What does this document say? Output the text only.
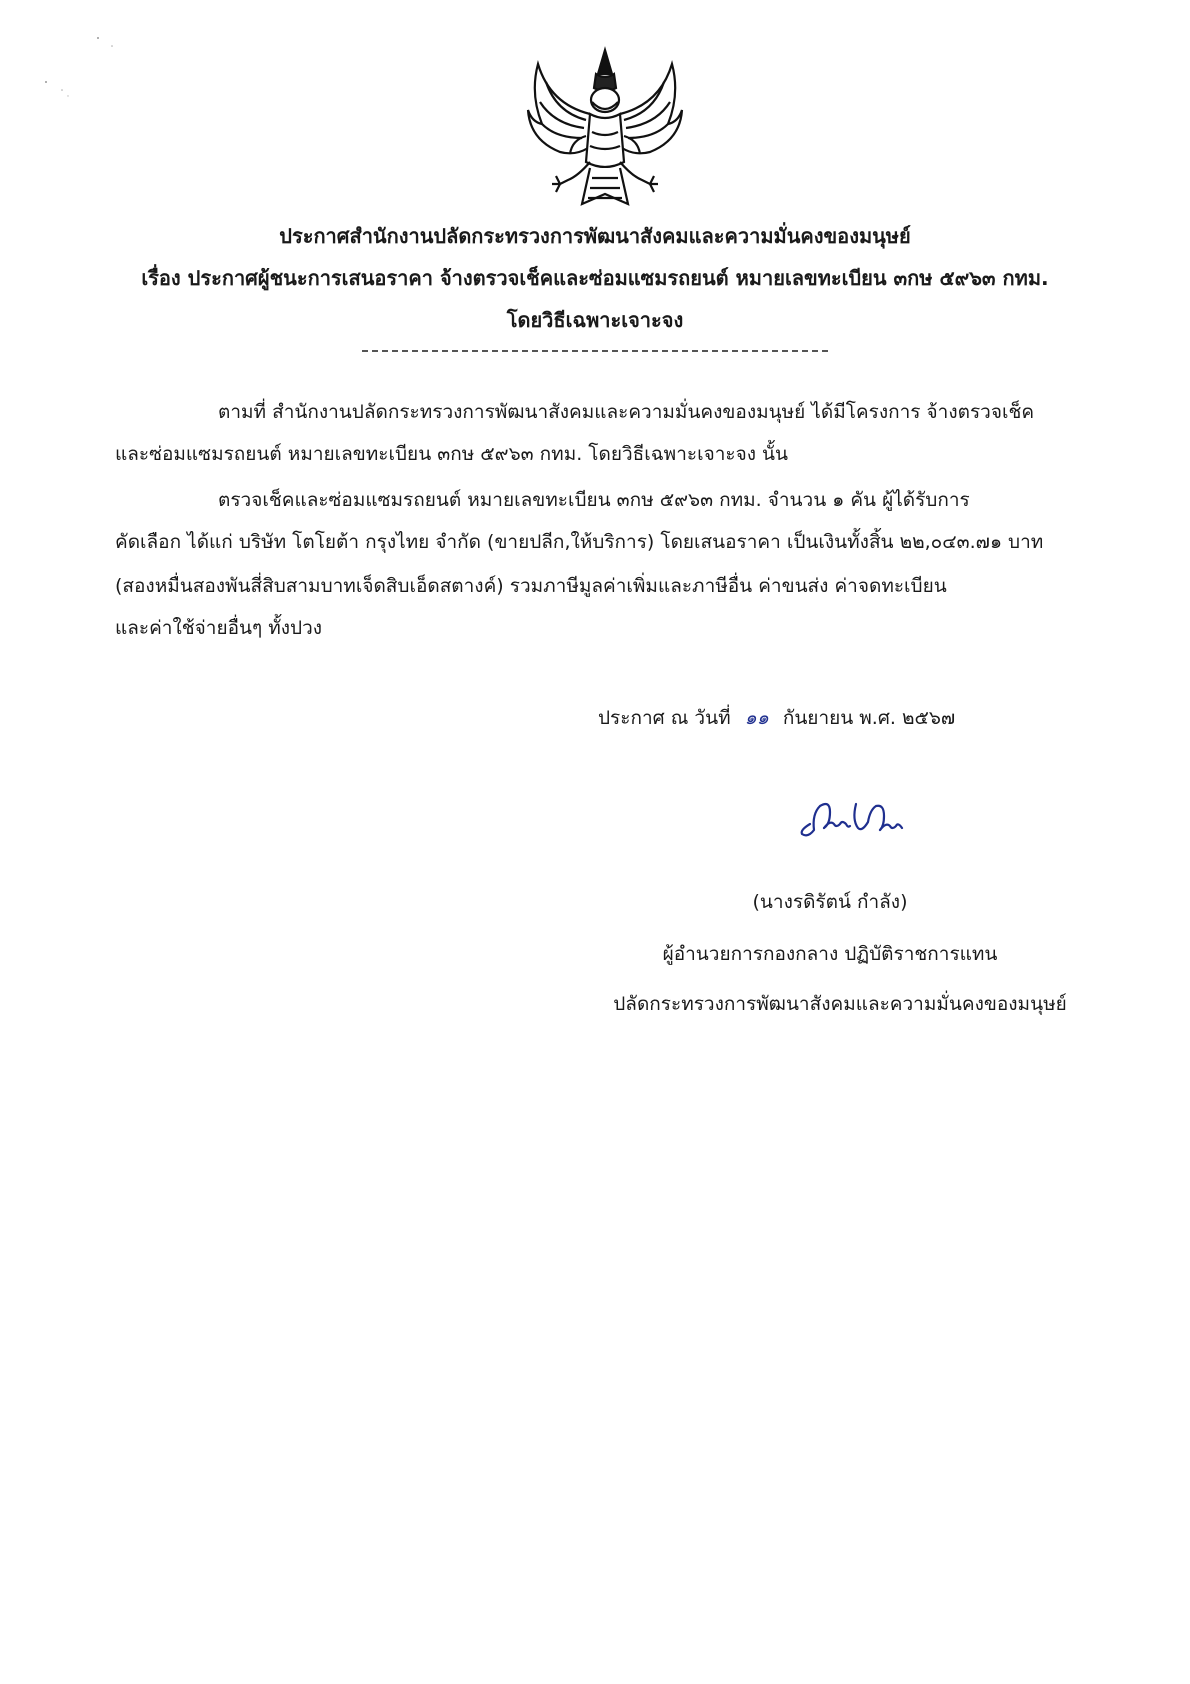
ประกาศสำนักงานปลัดกระทรวงการพัฒนาสังคมและความมั่นคงของมนุษย์
เรื่อง ประกาศผู้ชนะการเสนอราคา จ้างตรวจเช็คและซ่อมแซมรถยนต์ หมายเลขทะเบียน ๓กษ ๕๙๖๓ กทม.
โดยวิธีเฉพาะเจาะจง
ตามที่ สำนักงานปลัดกระทรวงการพัฒนาสังคมและความมั่นคงของมนุษย์ ได้มีโครงการ จ้างตรวจเช็ค
และซ่อมแซมรถยนต์ หมายเลขทะเบียน ๓กษ ๕๙๖๓ กทม. โดยวิธีเฉพาะเจาะจง นั้น
ตรวจเช็คและซ่อมแซมรถยนต์ หมายเลขทะเบียน ๓กษ ๕๙๖๓ กทม. จำนวน ๑ คัน ผู้ได้รับการ
คัดเลือก ได้แก่ บริษัท โตโยต้า กรุงไทย จำกัด (ขายปลีก,ให้บริการ) โดยเสนอราคา เป็นเงินทั้งสิ้น ๒๒,๐๔๓.๗๑ บาท
(สองหมื่นสองพันสี่สิบสามบาทเจ็ดสิบเอ็ดสตางค์) รวมภาษีมูลค่าเพิ่มและภาษีอื่น ค่าขนส่ง ค่าจดทะเบียน
และค่าใช้จ่ายอื่นๆ ทั้งปวง
ประกาศ ณ วันที่ ๑๑ กันยายน พ.ศ. ๒๕๖๗
(นางรดิรัตน์ กำลัง)
ผู้อำนวยการกองกลาง ปฏิบัติราชการแทน
ปลัดกระทรวงการพัฒนาสังคมและความมั่นคงของมนุษย์
